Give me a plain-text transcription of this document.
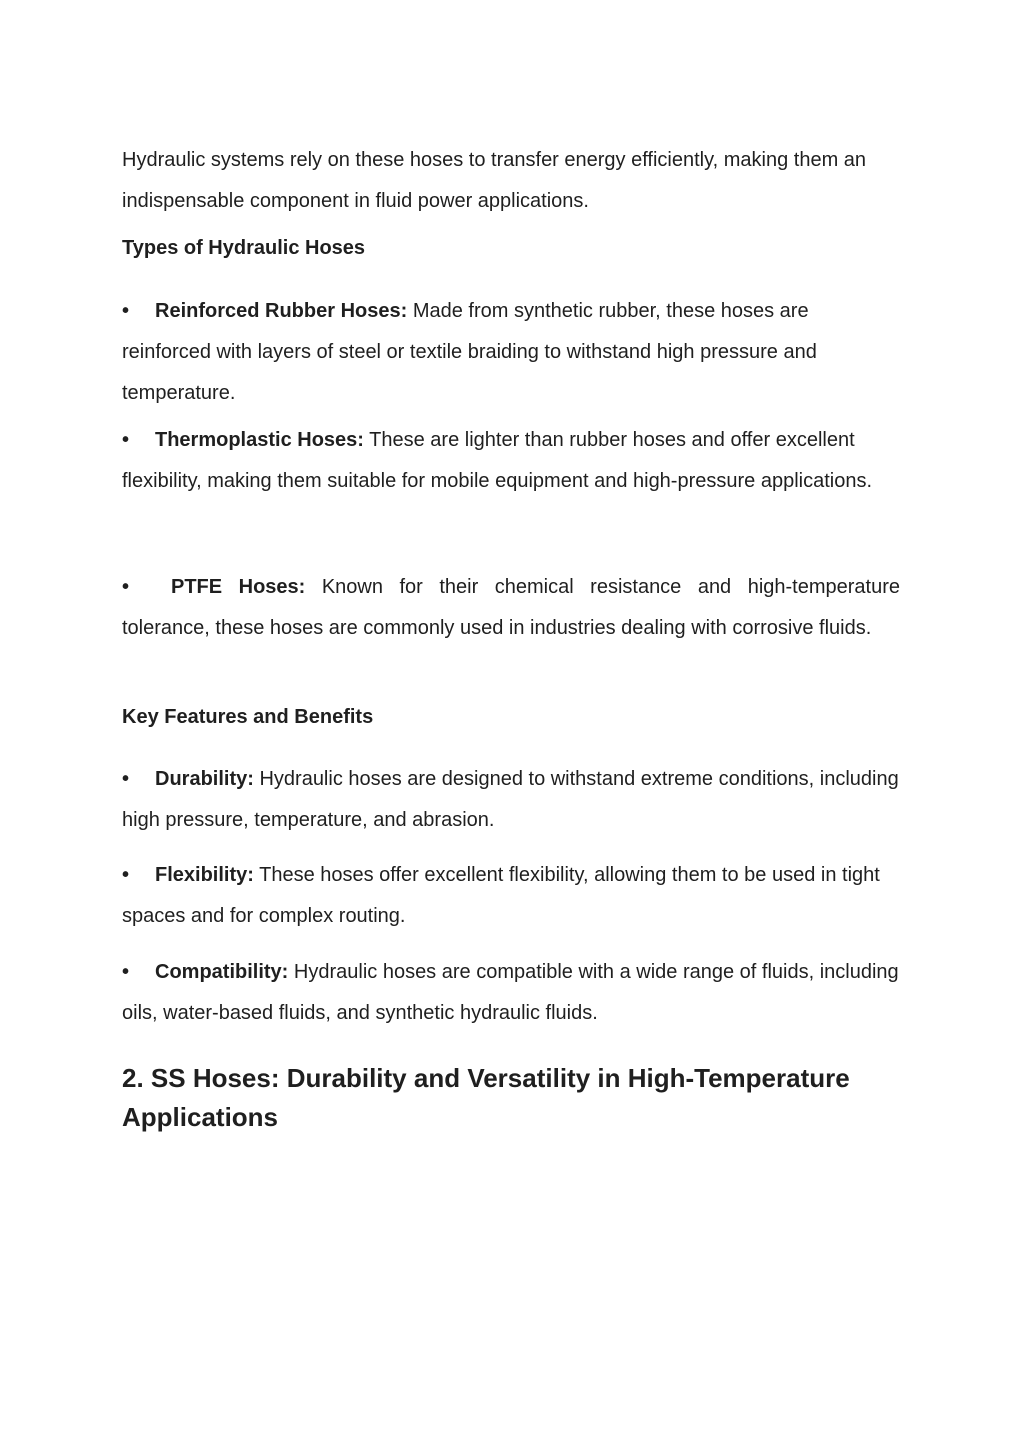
Hydraulic systems rely on these hoses to transfer energy efficiently, making them an indispensable component in fluid power applications.

Types of Hydraulic Hoses

• Reinforced Rubber Hoses: Made from synthetic rubber, these hoses are reinforced with layers of steel or textile braiding to withstand high pressure and temperature.

• Thermoplastic Hoses: These are lighter than rubber hoses and offer excellent flexibility, making them suitable for mobile equipment and high-pressure applications.

• PTFE Hoses: Known for their chemical resistance and high-temperature tolerance, these hoses are commonly used in industries dealing with corrosive fluids.

Key Features and Benefits

• Durability: Hydraulic hoses are designed to withstand extreme conditions, including high pressure, temperature, and abrasion.

• Flexibility: These hoses offer excellent flexibility, allowing them to be used in tight spaces and for complex routing.

• Compatibility: Hydraulic hoses are compatible with a wide range of fluids, including oils, water-based fluids, and synthetic hydraulic fluids.

2. SS Hoses: Durability and Versatility in High-Temperature Applications
